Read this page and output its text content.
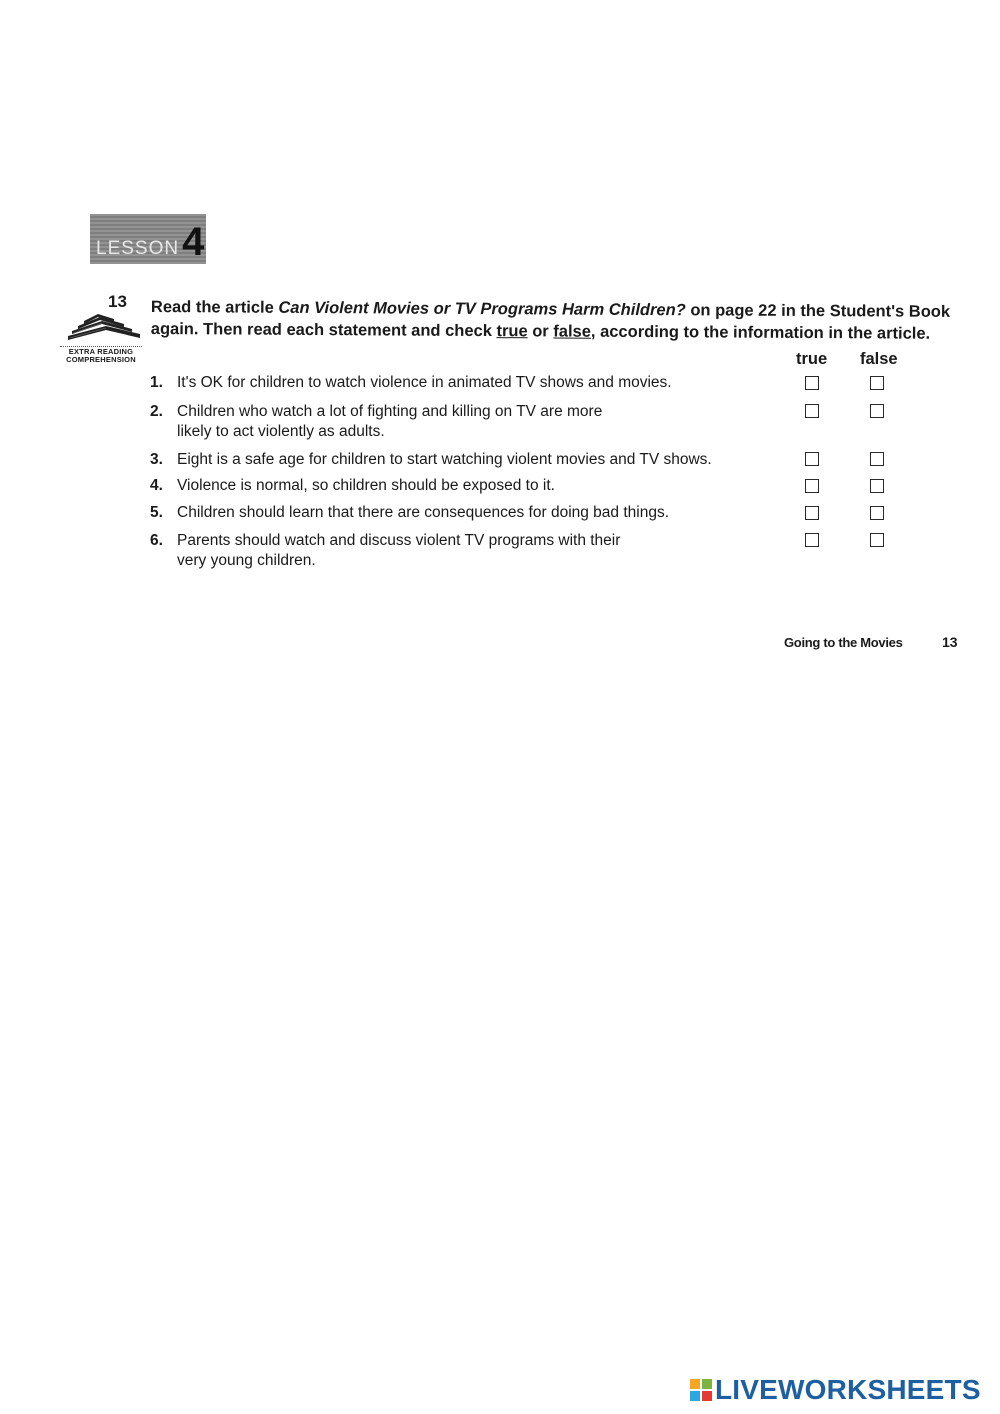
LESSON 4
13
EXTRA READING
COMPREHENSION
Read the article Can Violent Movies or TV Programs Harm Children? on page 22 in the Student's Book again. Then read each statement and check true or false, according to the information in the article.
true false
1. It's OK for children to watch violence in animated TV shows and movies.
2. Children who watch a lot of fighting and killing on TV are more
likely to act violently as adults.
3. Eight is a safe age for children to start watching violent movies and TV shows.
4. Violence is normal, so children should be exposed to it.
5. Children should learn that there are consequences for doing bad things.
6. Parents should watch and discuss violent TV programs with their
very young children.
Going to the Movies	13
LIVEWORKSHEETS
